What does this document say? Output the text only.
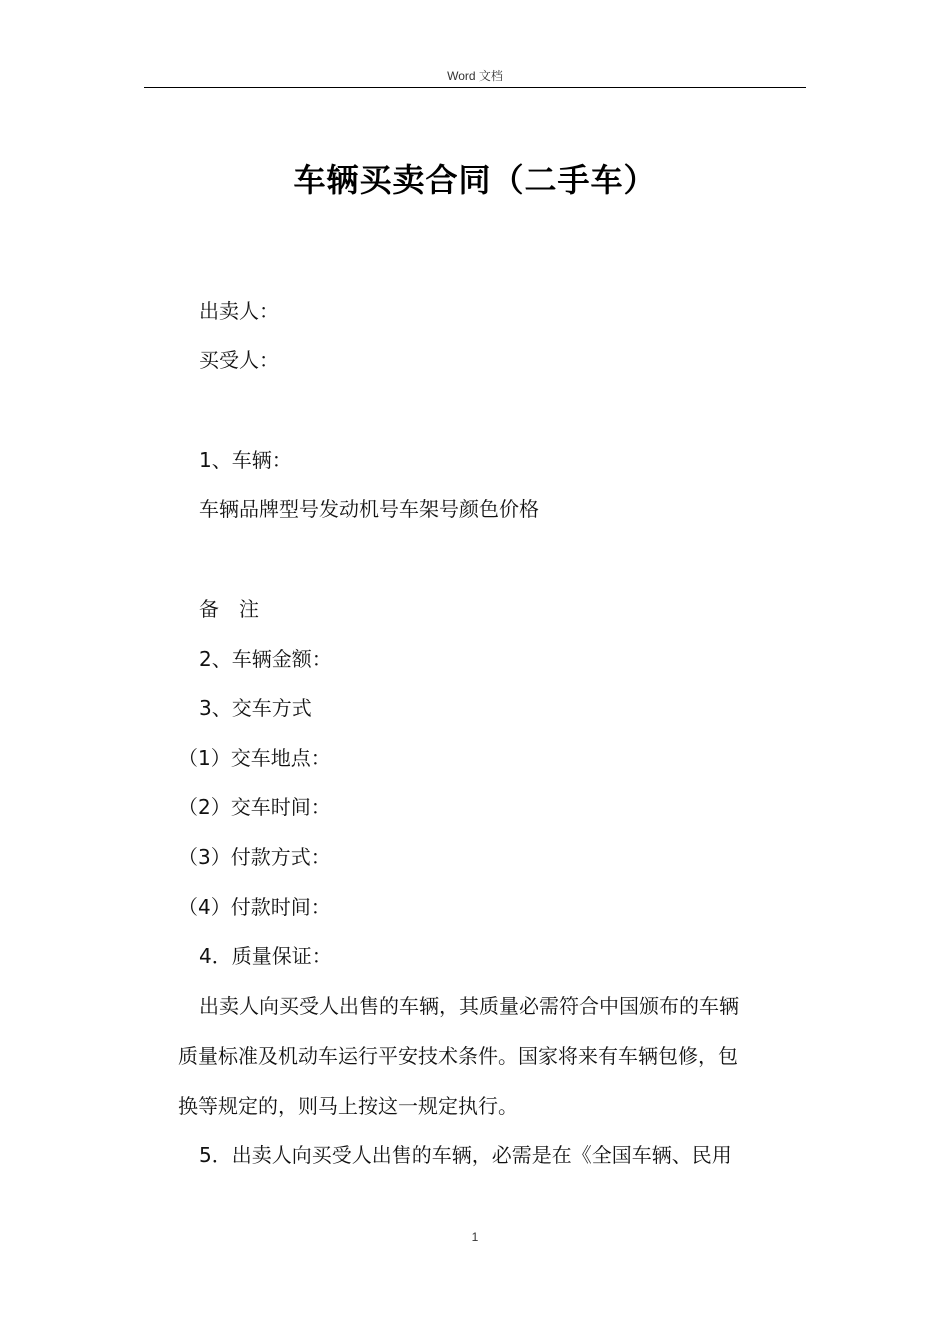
Word 文档
车辆买卖合同（二手车）
出卖人：
买受人：
1、车辆：
车辆品牌型号发动机号车架号颜色价格
备　注
2、车辆金额：
3、交车方式
（1）交车地点：
（2）交车时间：
（3）付款方式：
（4）付款时间：
4．质量保证：
出卖人向买受人出售的车辆，其质量必需符合中国颁布的车辆
质量标准及机动车运行平安技术条件。国家将来有车辆包修，包
换等规定的，则马上按这一规定执行。
5．出卖人向买受人出售的车辆，必需是在《全国车辆、民用
1
